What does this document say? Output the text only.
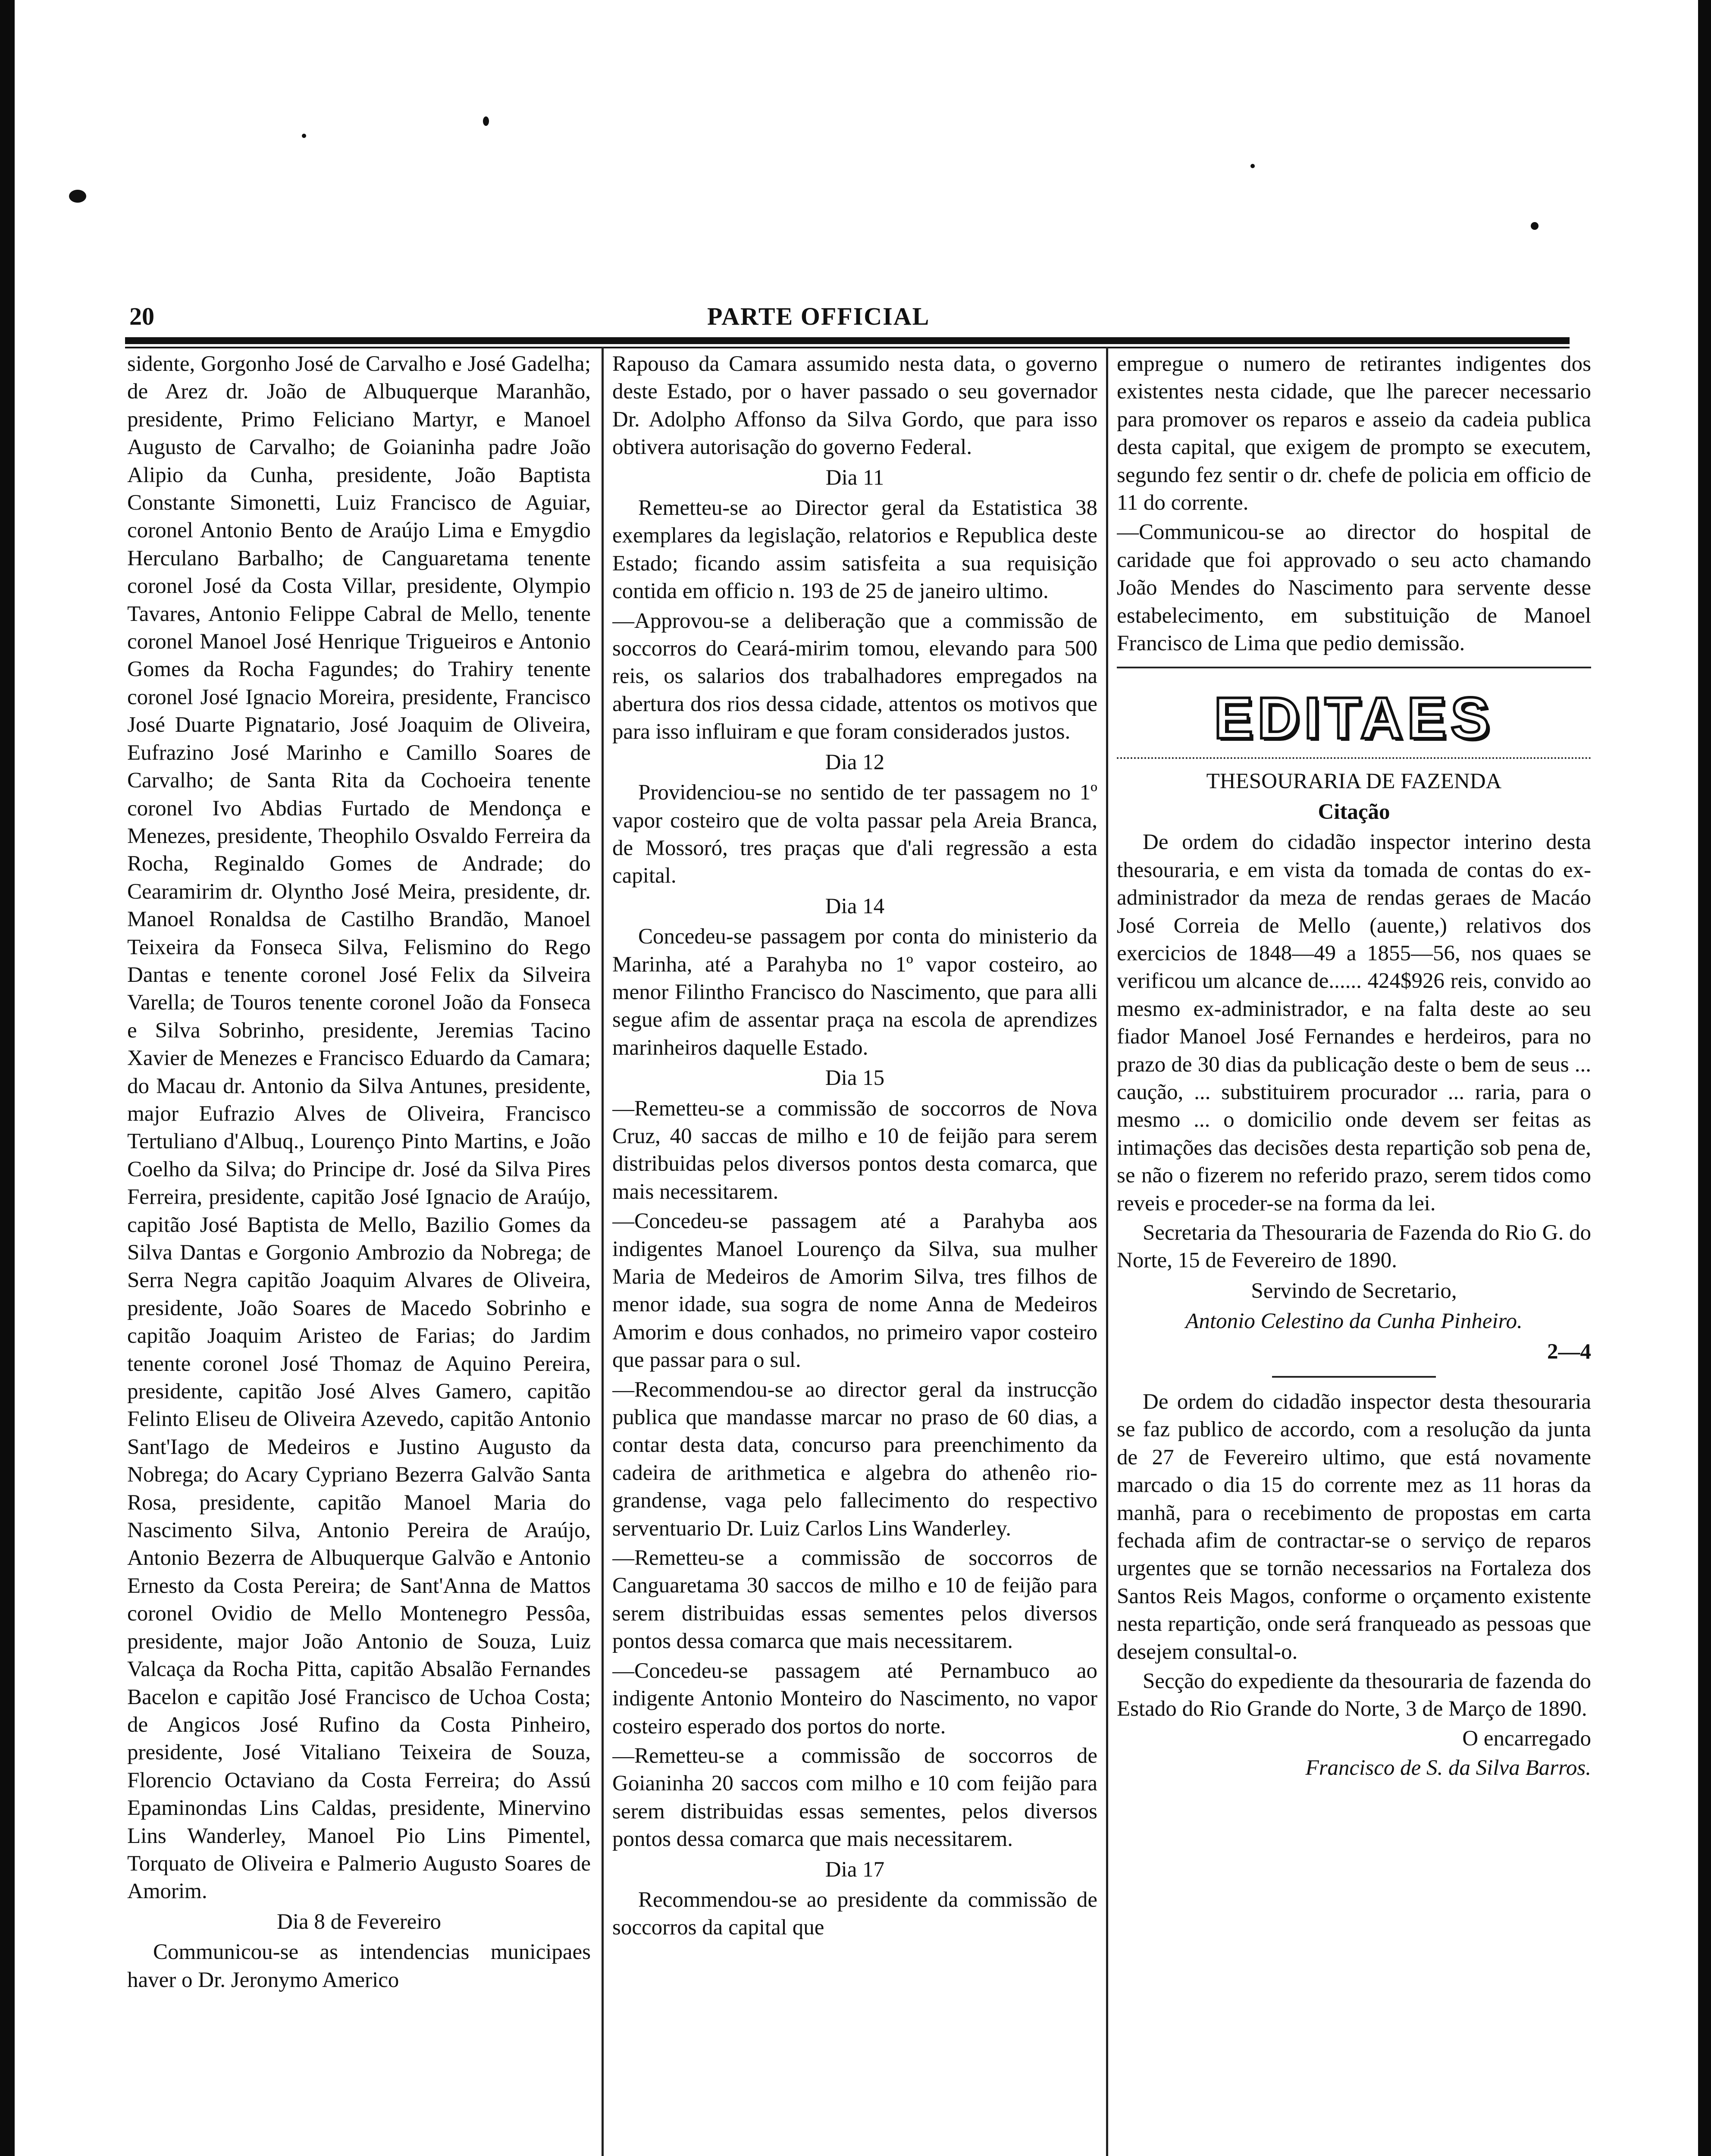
20	PARTE OFFICIAL

sidente, Gorgonho José de Carvalho e José Gadelha; de Arez dr. João de Albuquerque Maranhão, presidente, Primo Feliciano Martyr, e Manoel Augusto de Carvalho; de Goianinha padre João Alipio da Cunha, presidente, João Baptista Constante Simonetti, Luiz Francisco de Aguiar, coronel Antonio Bento de Araújo Lima e Emygdio Herculano Barbalho; de Canguaretama tenente coronel José da Costa Villar, presidente, Olympio Tavares, Antonio Felippe Cabral de Mello, tenente coronel Manoel José Henrique Trigueiros e Antonio Gomes da Rocha Fagundes; do Trahiry tenente coronel José Ignacio Moreira, presidente, Francisco José Duarte Pignatario, José Joaquim de Oliveira, Eufrazino José Marinho e Camillo Soares de Carvalho; de Santa Rita da Cochoeira tenente coronel Ivo Abdias Furtado de Mendonça e Menezes, presidente, Theophilo Osvaldo Ferreira da Rocha, Reginaldo Gomes de Andrade; do Cearamirim dr. Olyntho José Meira, presidente, dr. Manoel Ronaldsa de Castilho Brandão, Manoel Teixeira da Fonseca Silva, Felismino do Rego Dantas e tenente coronel José Felix da Silveira Varella; de Touros tenente coronel João da Fonseca e Silva Sobrinho, presidente, Jeremias Tacino Xavier de Menezes e Francisco Eduardo da Camara; do Macau dr. Antonio da Silva Antunes, presidente, major Eufrazio Alves de Oliveira, Francisco Tertuliano d'Albuq., Lourenço Pinto Martins, e João Coelho da Silva; do Principe dr. José da Silva Pires Ferreira, presidente, capitão José Ignacio de Araújo, capitão José Baptista de Mello, Bazilio Gomes da Silva Dantas e Gorgonio Ambrozio da Nobrega; de Serra Negra capitão Joaquim Alvares de Oliveira, presidente, João Soares de Macedo Sobrinho e capitão Joaquim Aristeo de Farias; do Jardim tenente coronel José Thomaz de Aquino Pereira, presidente, capitão José Alves Gamero, capitão Felinto Eliseu de Oliveira Azevedo, capitão Antonio Sant'Iago de Medeiros e Justino Augusto da Nobrega; do Acary Cypriano Bezerra Galvão Santa Rosa, presidente, capitão Manoel Maria do Nascimento Silva, Antonio Pereira de Araújo, Antonio Bezerra de Albuquerque Galvão e Antonio Ernesto da Costa Pereira; de Sant'Anna de Mattos coronel Ovidio de Mello Montenegro Pessôa, presidente, major João Antonio de Souza, Luiz Valcaça da Rocha Pitta, capitão Absalão Fernandes Bacelon e capitão José Francisco de Uchoa Costa; de Angicos José Rufino da Costa Pinheiro, presidente, José Vitaliano Teixeira de Souza, Florencio Octaviano da Costa Ferreira; do Assú Epaminondas Lins Caldas, presidente, Minervino Lins Wanderley, Manoel Pio Lins Pimentel, Torquato de Oliveira e Palmerio Augusto Soares de Amorim.

Dia 8 de Fevereiro

Communicou-se as intendencias municipaes haver o Dr. Jeronymo Americo

Rapouso da Camara assumido nesta data, o governo deste Estado, por o haver passado o seu governador Dr. Adolpho Affonso da Silva Gordo, que para isso obtivera autorisação do governo Federal.

Dia 11

Remetteu-se ao Director geral da Estatistica 38 exemplares da legislação, relatorios e Republica deste Estado; ficando assim satisfeita a sua requisição contida em officio n. 193 de 25 de janeiro ultimo.

—Approvou-se a deliberação que a commissão de soccorros do Ceará-mirim tomou, elevando para 500 reis, os salarios dos trabalhadores empregados na abertura dos rios dessa cidade, attentos os motivos que para isso influiram e que foram considerados justos.

Dia 12

Providenciou-se no sentido de ter passagem no 1º vapor costeiro que de volta passar pela Areia Branca, de Mossoró, tres praças que d'ali regressão a esta capital.

Dia 14

Concedeu-se passagem por conta do ministerio da Marinha, até a Parahyba no 1º vapor costeiro, ao menor Filintho Francisco do Nascimento, que para alli segue afim de assentar praça na escola de aprendizes marinheiros daquelle Estado.

Dia 15

—Remetteu-se a commissão de soccorros de Nova Cruz, 40 saccas de milho e 10 de feijão para serem distribuidas pelos diversos pontos desta comarca, que mais necessitarem.

—Concedeu-se passagem até a Parahyba aos indigentes Manoel Lourenço da Silva, sua mulher Maria de Medeiros de Amorim Silva, tres filhos de menor idade, sua sogra de nome Anna de Medeiros Amorim e dous conhados, no primeiro vapor costeiro que passar para o sul.

—Recommendou-se ao director geral da instrucção publica que mandasse marcar no praso de 60 dias, a contar desta data, concurso para preenchimento da cadeira de arithmetica e algebra do athenêo rio-grandense, vaga pelo fallecimento do respectivo serventuario Dr. Luiz Carlos Lins Wanderley.

—Remetteu-se a commissão de soccorros de Canguaretama 30 saccos de milho e 10 de feijão para serem distribuidas essas sementes pelos diversos pontos dessa comarca que mais necessitarem.

—Concedeu-se passagem até Pernambuco ao indigente Antonio Monteiro do Nascimento, no vapor costeiro esperado dos portos do norte.

—Remetteu-se a commissão de soccorros de Goianinha 20 saccos com milho e 10 com feijão para serem distribuidas essas sementes, pelos diversos pontos dessa comarca que mais necessitarem.

Dia 17

Recommendou-se ao presidente da commissão de soccorros da capital que

empregue o numero de retirantes indigentes dos existentes nesta cidade, que lhe parecer necessario para promover os reparos e asseio da cadeia publica desta capital, que exigem de prompto se executem, segundo fez sentir o dr. chefe de policia em officio de 11 do corrente.

—Communicou-se ao director do hospital de caridade que foi approvado o seu acto chamando João Mendes do Nascimento para servente desse estabelecimento, em substituição de Manoel Francisco de Lima que pedio demissão.

EDITAES

THESOURARIA DE FAZENDA

Citação

De ordem do cidadão inspector interino desta thesouraria, e em vista da tomada de contas do ex-administrador da meza de rendas geraes de Macáo José Correia de Mello (auente,) relativos dos exercicios de 1848—49 a 1855—56, nos quaes se verificou um alcance de...... 424$926 reis, convido ao mesmo ex-administrador, e na falta deste ao seu fiador Manoel José Fernandes e herdeiros, para no prazo de 30 dias da publicação deste o bem de seus ... caução, ... substituirem procurador ... raria, para o mesmo ... o domicilio onde devem ser feitas as intimações das decisões desta repartição sob pena de, se não o fizerem no referido prazo, serem tidos como reveis e proceder-se na forma da lei.

Secretaria da Thesouraria de Fazenda do Rio G. do Norte, 15 de Fevereiro de 1890.

Servindo de Secretario,

Antonio Celestino da Cunha Pinheiro.

2—4

De ordem do cidadão inspector desta thesouraria se faz publico de accordo, com a resolução da junta de 27 de Fevereiro ultimo, que está novamente marcado o dia 15 do corrente mez as 11 horas da manhã, para o recebimento de propostas em carta fechada afim de contractar-se o serviço de reparos urgentes que se tornão necessarios na Fortaleza dos Santos Reis Magos, conforme o orçamento existente nesta repartição, onde será franqueado as pessoas que desejem consultal-o.

Secção do expediente da thesouraria de fazenda do Estado do Rio Grande do Norte, 3 de Março de 1890.

O encarregado

Francisco de S. da Silva Barros.
